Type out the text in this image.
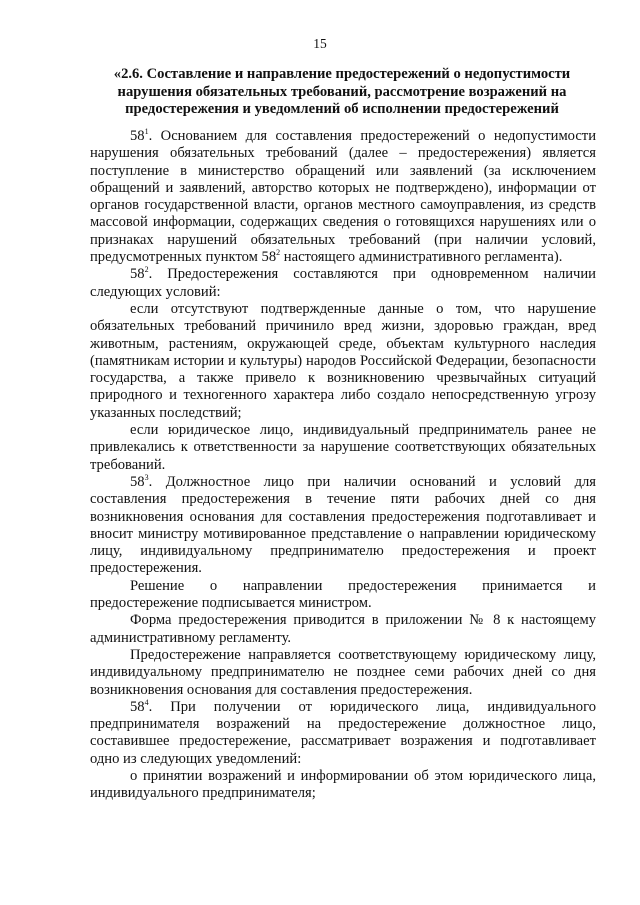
15
«2.6. Составление и направление предостережений о недопустимости нарушения обязательных требований, рассмотрение возражений на предостережения и уведомлений об исполнении предостережений

$58^1$. Основанием для составления предостережений о недопустимости нарушения обязательных требований (далее – предостережения) является поступление в министерство обращений или заявлений (за исключением обращений и заявлений, авторство которых не подтверждено), информации от органов государственной власти, органов местного самоуправления, из средств массовой информации, содержащих сведения о готовящихся нарушениях или о признаках нарушений обязательных требований (при наличии условий, предусмотренных пунктом $58^2$ настоящего административного регламента).

$58^2$. Предостережения составляются при одновременном наличии следующих условий:

если отсутствуют подтвержденные данные о том, что нарушение обязательных требований причинило вред жизни, здоровью граждан, вред животным, растениям, окружающей среде, объектам культурного наследия (памятникам истории и культуры) народов Российской Федерации, безопасности государства, а также привело к возникновению чрезвычайных ситуаций природного и техногенного характера либо создало непосредственную угрозу указанных последствий;

если юридическое лицо, индивидуальный предприниматель ранее не привлекались к ответственности за нарушение соответствующих обязательных требований.

$58^3$. Должностное лицо при наличии оснований и условий для составления предостережения в течение пяти рабочих дней со дня возникновения основания для составления предостережения подготавливает и вносит министру мотивированное представление о направлении юридическому лицу, индивидуальному предпринимателю предостережения и проект предостережения.

Решение о направлении предостережения принимается и предостережение подписывается министром.

Форма предостережения приводится в приложении № 8 к настоящему административному регламенту.

Предостережение направляется соответствующему юридическому лицу, индивидуальному предпринимателю не позднее семи рабочих дней со дня возникновения основания для составления предостережения.

$58^4$. При получении от юридического лица, индивидуального предпринимателя возражений на предостережение должностное лицо, составившее предостережение, рассматривает возражения и подготавливает одно из следующих уведомлений:

о принятии возражений и информировании об этом юридического лица, индивидуального предпринимателя;
